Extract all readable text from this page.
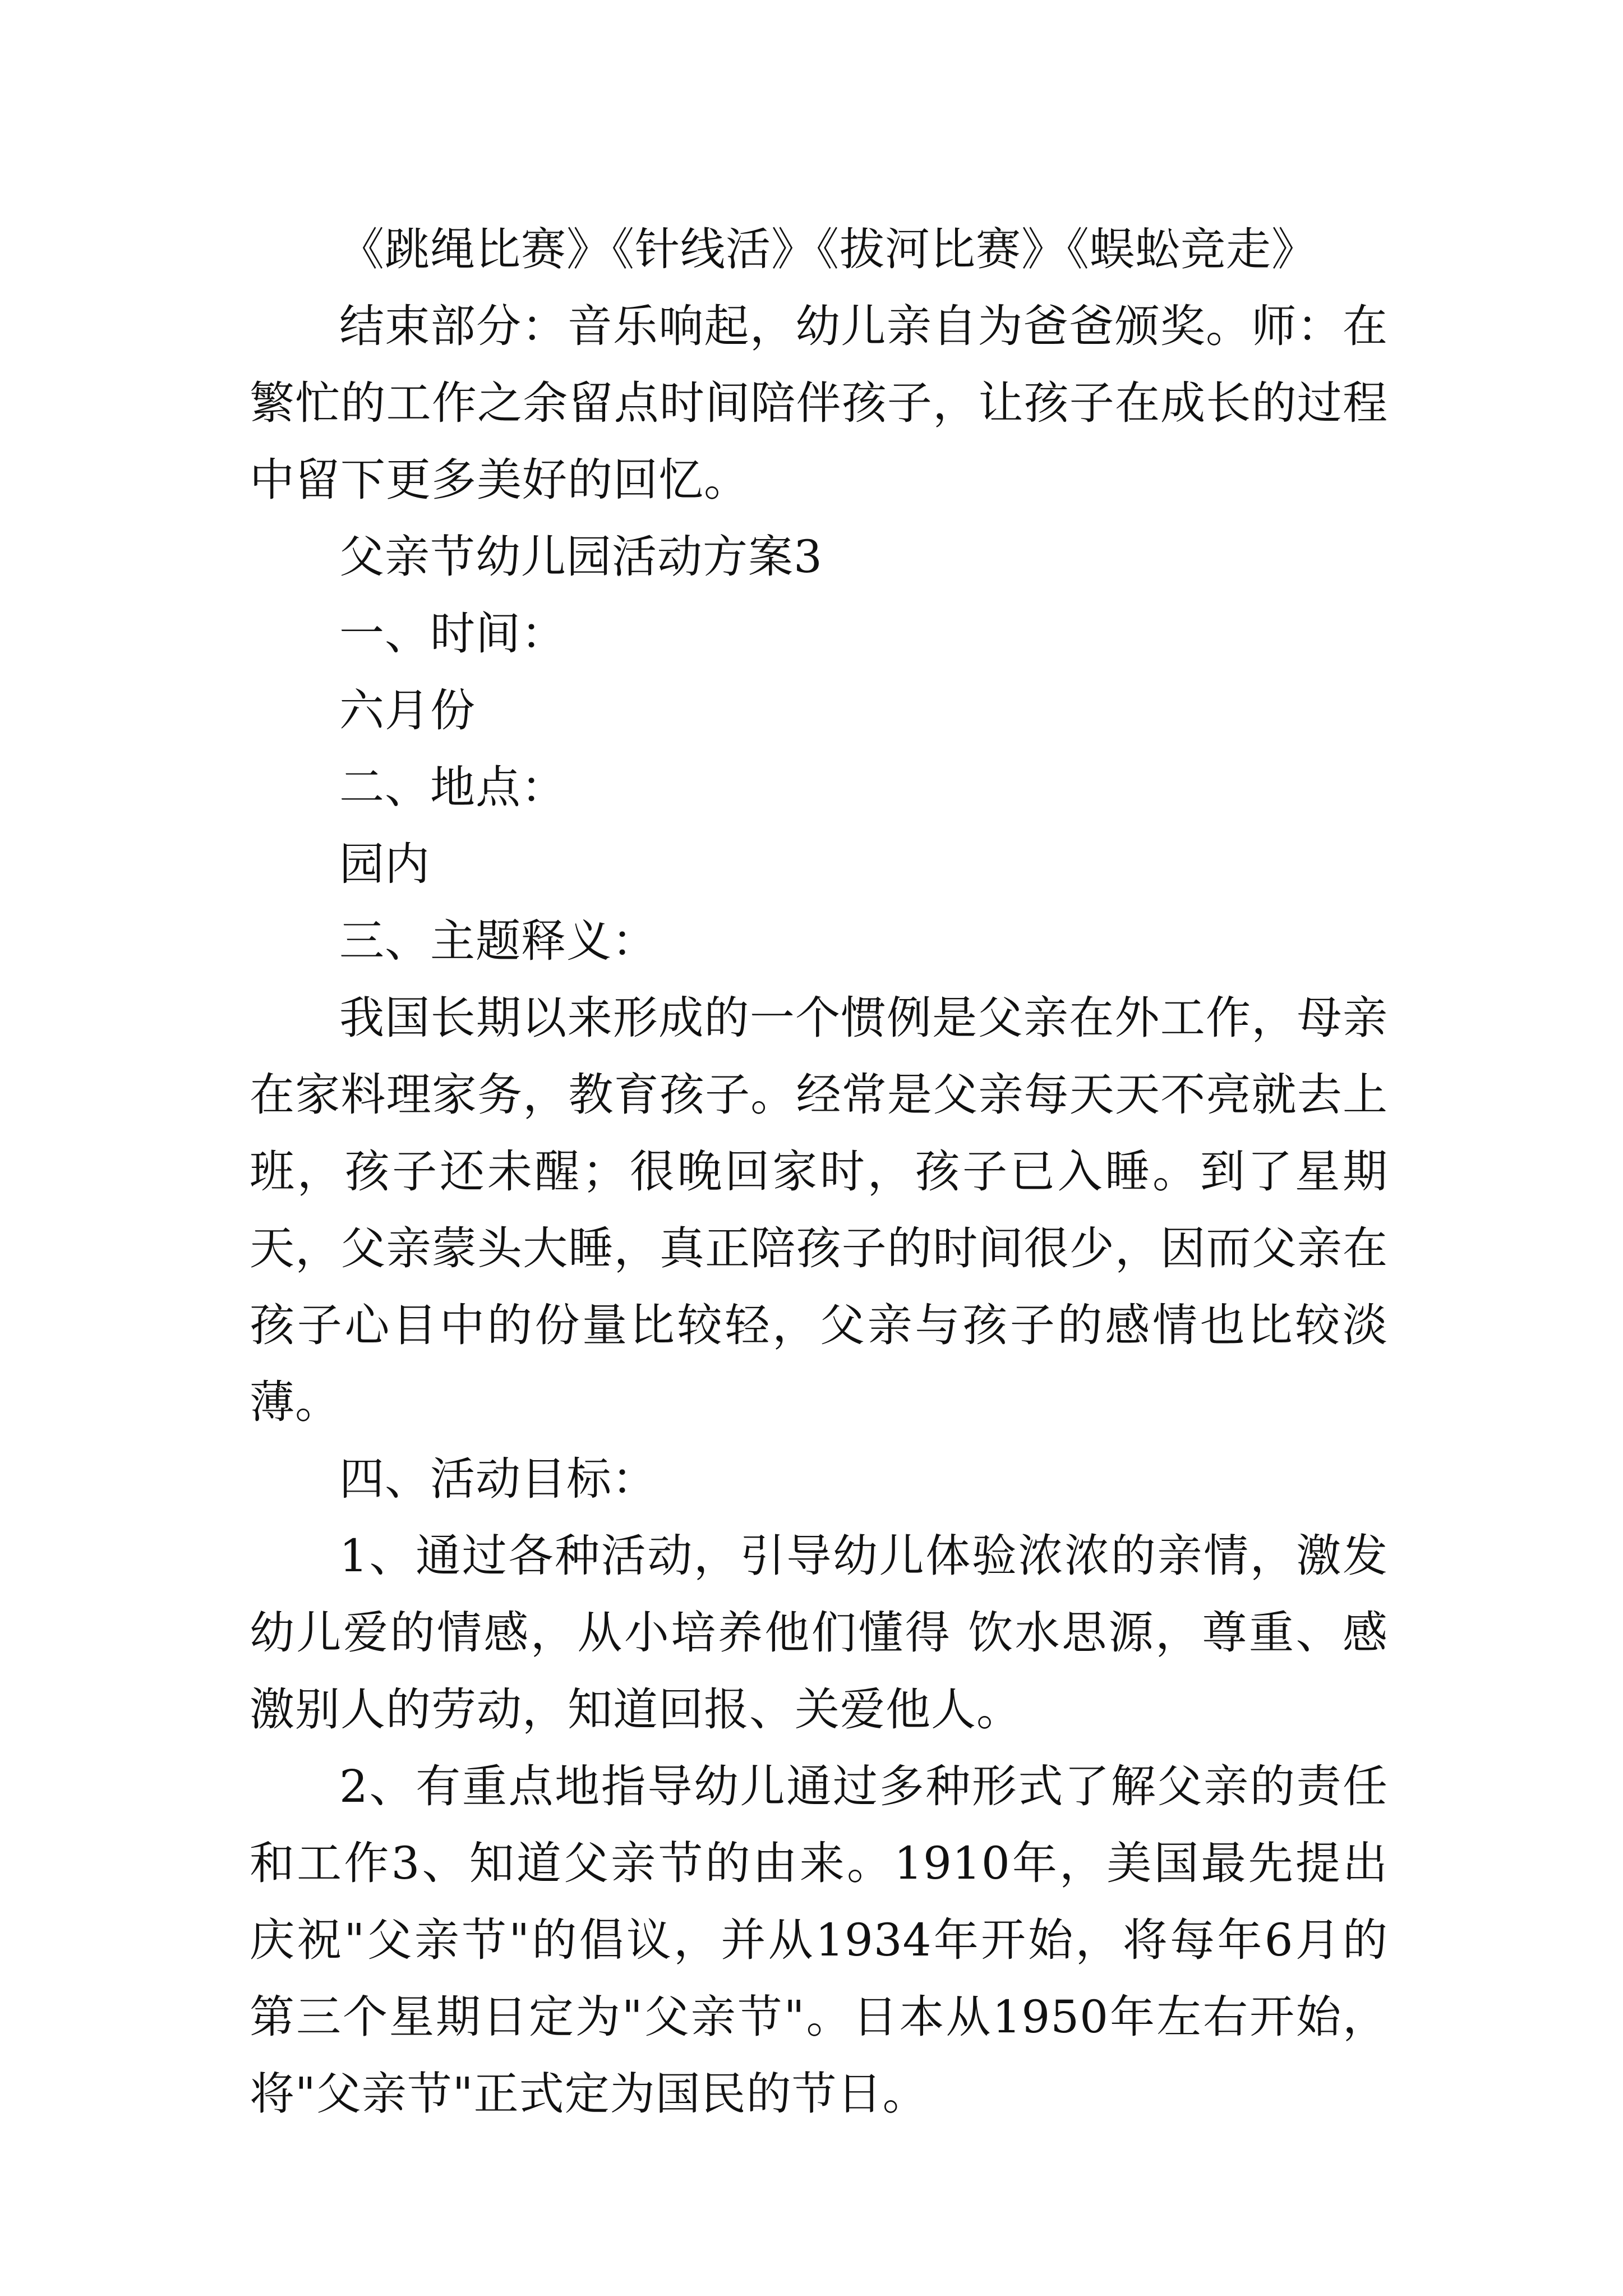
《跳绳比赛》《针线活》《拔河比赛》《蜈蚣竞走》

结束部分：音乐响起，幼儿亲自为爸爸颁奖。师：在繁忙的工作之余留点时间陪伴孩子，让孩子在成长的过程中留下更多美好的回忆。

父亲节幼儿园活动方案3

一、时间：

六月份

二、地点：

园内

三、主题释义：

我国长期以来形成的一个惯例是父亲在外工作，母亲在家料理家务，教育孩子。经常是父亲每天天不亮就去上班，孩子还未醒；很晚回家时，孩子已入睡。到了星期天，父亲蒙头大睡，真正陪孩子的时间很少，因而父亲在孩子心目中的份量比较轻，父亲与孩子的感情也比较淡薄。

四、活动目标：

1、通过各种活动，引导幼儿体验浓浓的亲情，激发幼儿爱的情感，从小培养他们懂得 饮水思源，尊重、感激别人的劳动，知道回报、关爱他人。

2、有重点地指导幼儿通过多种形式了解父亲的责任和工作3、知道父亲节的由来。1910年，美国最先提出庆祝"父亲节"的倡议，并从1934年开始，将每年6月的第三个星期日定为"父亲节"。日本从1950年左右开始，将"父亲节"正式定为国民的节日。
